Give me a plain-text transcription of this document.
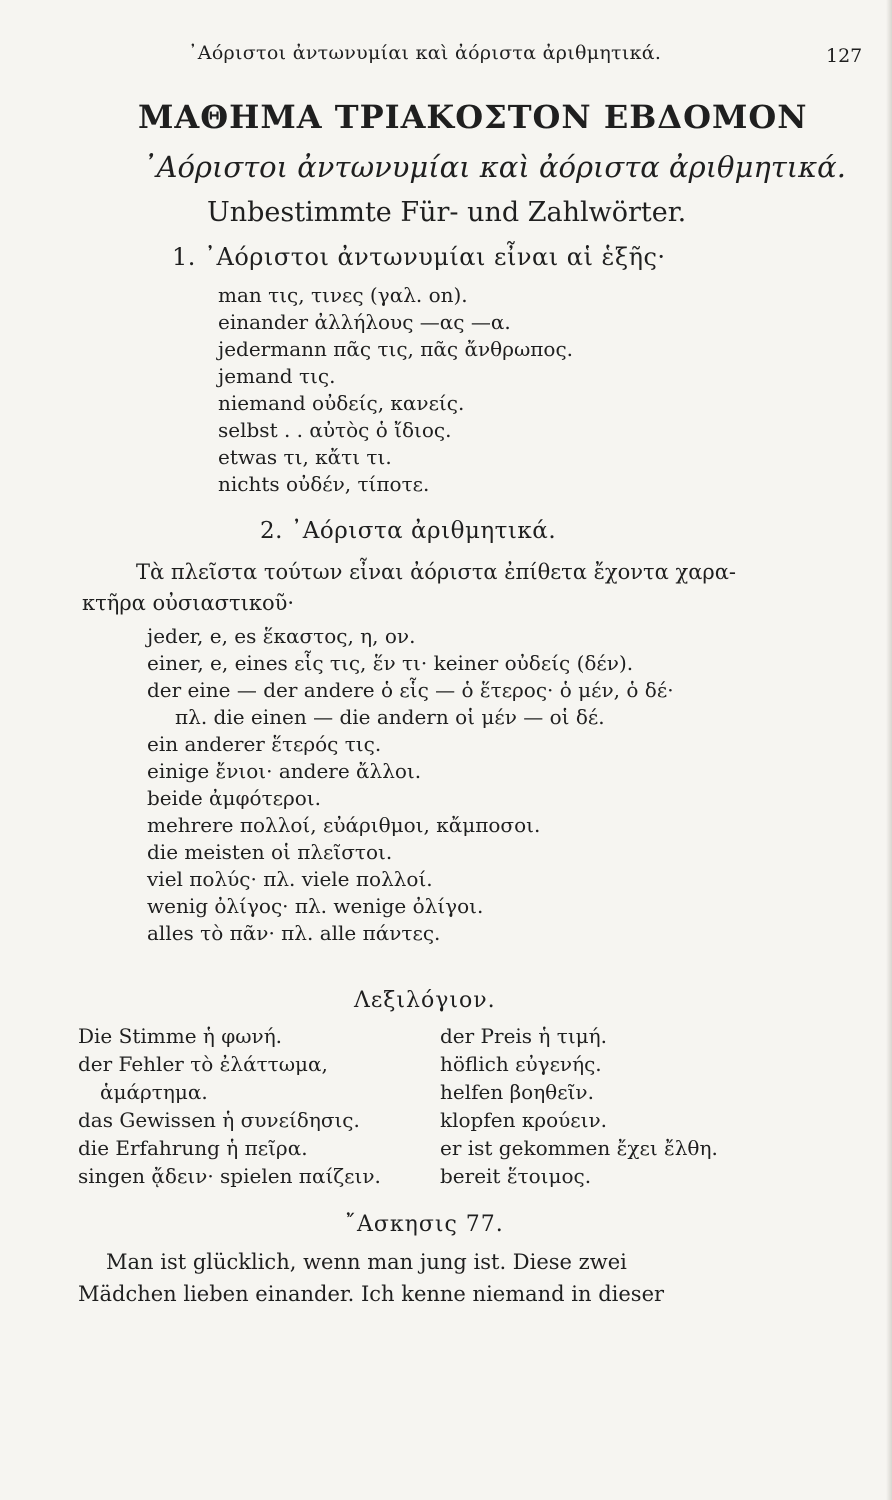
᾿Αόριστοι ἀντωνυμίαι καὶ ἀόριστα ἀριθμητικά.	127
ΜΑΘΗΜΑ ΤΡΙΑΚΟΣΤΟΝ ΕΒΔΟΜΟΝ
᾿Αόριστοι ἀντωνυμίαι καὶ ἀόριστα ἀριθμητικά.
Unbestimmte Für- und Zahlwörter.
1. ᾿Αόριστοι ἀντωνυμίαι εἶναι αἱ ἑξῆς·
man τις, τινες (γαλ. on).
einander ἀλλήλους —ας —α.
jedermann πᾶς τις, πᾶς ἄνθρωπος.
jemand τις.
niemand οὐδείς, κανείς.
selbst . . αὐτὸς ὁ ἴδιος.
etwas τι, κἄτι τι.
nichts οὐδέν, τίποτε.
2. ᾿Αόριστα ἀριθμητικά.
Τὰ πλεῖστα τούτων εἶναι ἀόριστα ἐπίθετα ἔχοντα χαρα-
κτῆρα οὐσιαστικοῦ·
jeder, e, es ἕκαστος, η, ον.
einer, e, eines εἷς τις, ἕν τι· keiner οὐδείς (δέν).
der eine — der andere ὁ εἷς — ὁ ἕτερος· ὁ μέν, ὁ δέ·
πλ. die einen — die andern οἱ μέν — οἱ δέ.
ein anderer ἕτερός τις.
einige ἔνιοι· andere ἄλλοι.
beide ἀμφότεροι.
mehrere πολλοί, εὐάριθμοι, κἄμποσοι.
die meisten οἱ πλεῖστοι.
viel πολύς· πλ. viele πολλοί.
wenig ὀλίγος· πλ. wenige ὀλίγοι.
alles τὸ πᾶν· πλ. alle πάντες.
Λεξιλόγιον.
Die Stimme ἡ φωνή.
der Fehler τὸ ἐλάττωμα,
ἁμάρτημα.
das Gewissen ἡ συνείδησις.
die Erfahrung ἡ πεῖρα.
singen ᾄδειν· spielen παίζειν.
der Preis ἡ τιμή.
höflich εὐγενής.
helfen βοηθεῖν.
klopfen κρούειν.
er ist gekommen ἔχει ἔλθη.
bereit ἕτοιμος.
῎Ασκησις 77.
Man ist glücklich, wenn man jung ist. Diese zwei
Mädchen lieben einander. Ich kenne niemand in dieser
